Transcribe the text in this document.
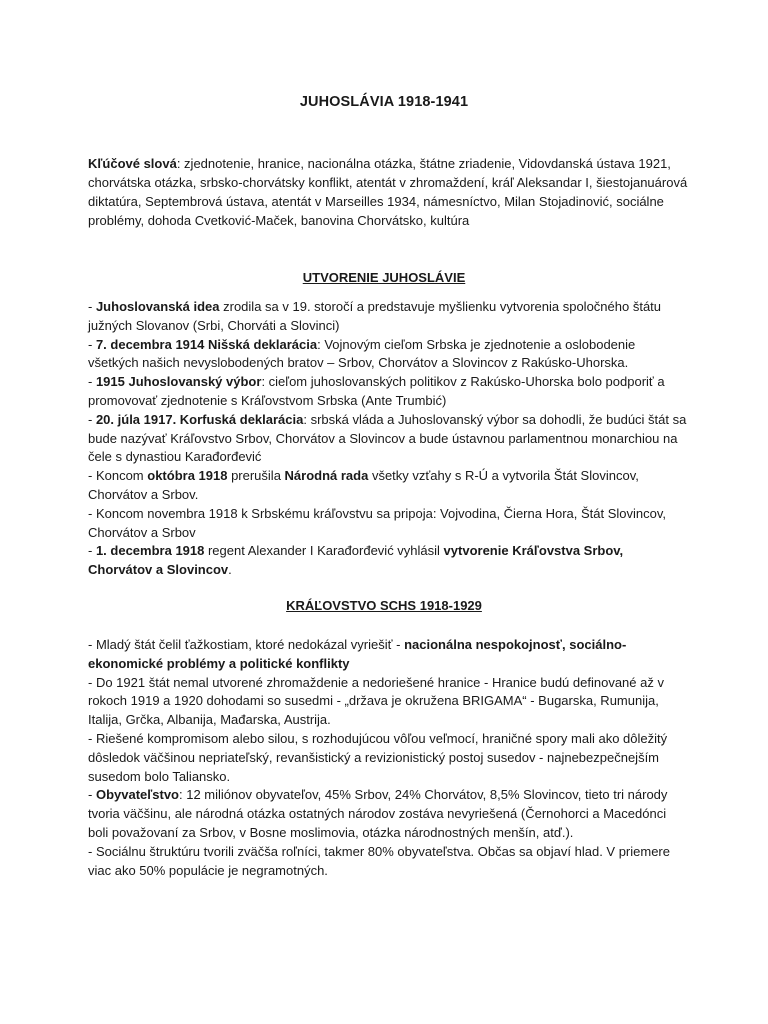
JUHOSLÁVIA 1918-1941
Kľúčové slová: zjednotenie, hranice, nacionálna otázka, štátne zriadenie, Vidovdanská ústava 1921, chorvátska otázka, srbsko-chorvátsky konflikt, atentát v zhromaždení, kráľ Aleksandar I, šiestojanuárová diktatúra, Septembrová ústava, atentát v Marseilles 1934, námesníctvo, Milan Stojadinović, sociálne problémy, dohoda Cvetković-Maček, banovina Chorvátsko, kultúra
UTVORENIE JUHOSLÁVIE

- Juhoslovanská idea zrodila sa v 19. storočí a predstavuje myšlienku vytvorenia spoločného štátu južných Slovanov (Srbi, Chorváti a Slovinci)

- 7. decembra 1914 Nišská deklarácia: Vojnovým cieľom Srbska je zjednotenie a oslobodenie všetkých našich nevyslobodených bratov – Srbov, Chorvátov a Slovincov z Rakúsko-Uhorska.

- 1915 Juhoslovanský výbor: cieľom juhoslovanských politikov z Rakúsko-Uhorska bolo podporiť a promovovať zjednotenie s Kráľovstvom Srbska (Ante Trumbić)

- 20. júla 1917. Korfuská deklarácia: srbská vláda a Juhoslovanský výbor sa dohodli, že budúci štát sa bude nazývať Kráľovstvo Srbov, Chorvátov a Slovincov a bude ústavnou parlamentnou monarchiou na čele s dynastiou Karađorđević

- Koncom októbra 1918 prerušila Národná rada všetky vzťahy s R-Ú a vytvorila Štát Slovincov, Chorvátov a Srbov.

- Koncom novembra 1918 k Srbskému kráľovstvu sa pripoja: Vojvodina, Čierna Hora, Štát Slovincov, Chorvátov a Srbov

- 1. decembra 1918 regent Alexander I Karađorđević vyhlásil vytvorenie Kráľovstva Srbov, Chorvátov a Slovincov.

KRÁĽOVSTVO SCHS 1918-1929

- Mladý štát čelil ťažkostiam, ktoré nedokázal vyriešiť - nacionálna nespokojnosť, sociálno-ekonomické problémy a politické konflikty

- Do 1921 štát nemal utvorené zhromaždenie a nedoriešené hranice - Hranice budú definované až v rokoch 1919 a 1920 dohodami so susedmi - „država je okružena BRIGAMA“ - Bugarska, Rumunija, Italija, Grčka, Albanija, Mađarska, Austrija.

- Riešené kompromisom alebo silou, s rozhodujúcou vôľou veľmocí, hraničné spory mali ako dôležitý dôsledok väčšinou nepriateľský, revanšistický a revizionistický postoj susedov - najnebezpečnejším susedom bolo Taliansko.

- Obyvateľstvo: 12 miliónov obyvateľov, 45% Srbov, 24% Chorvátov, 8,5% Slovincov, tieto tri národy tvoria väčšinu, ale národná otázka ostatných národov zostáva nevyriešená (Černohorci a Macedónci boli považovaní za Srbov, v Bosne moslimovia, otázka národnostných menšín, atď.).

- Sociálnu štruktúru tvorili zväčša roľníci, takmer 80% obyvateľstva. Občas sa objaví hlad. V priemere viac ako 50% populácie je negramotných.
